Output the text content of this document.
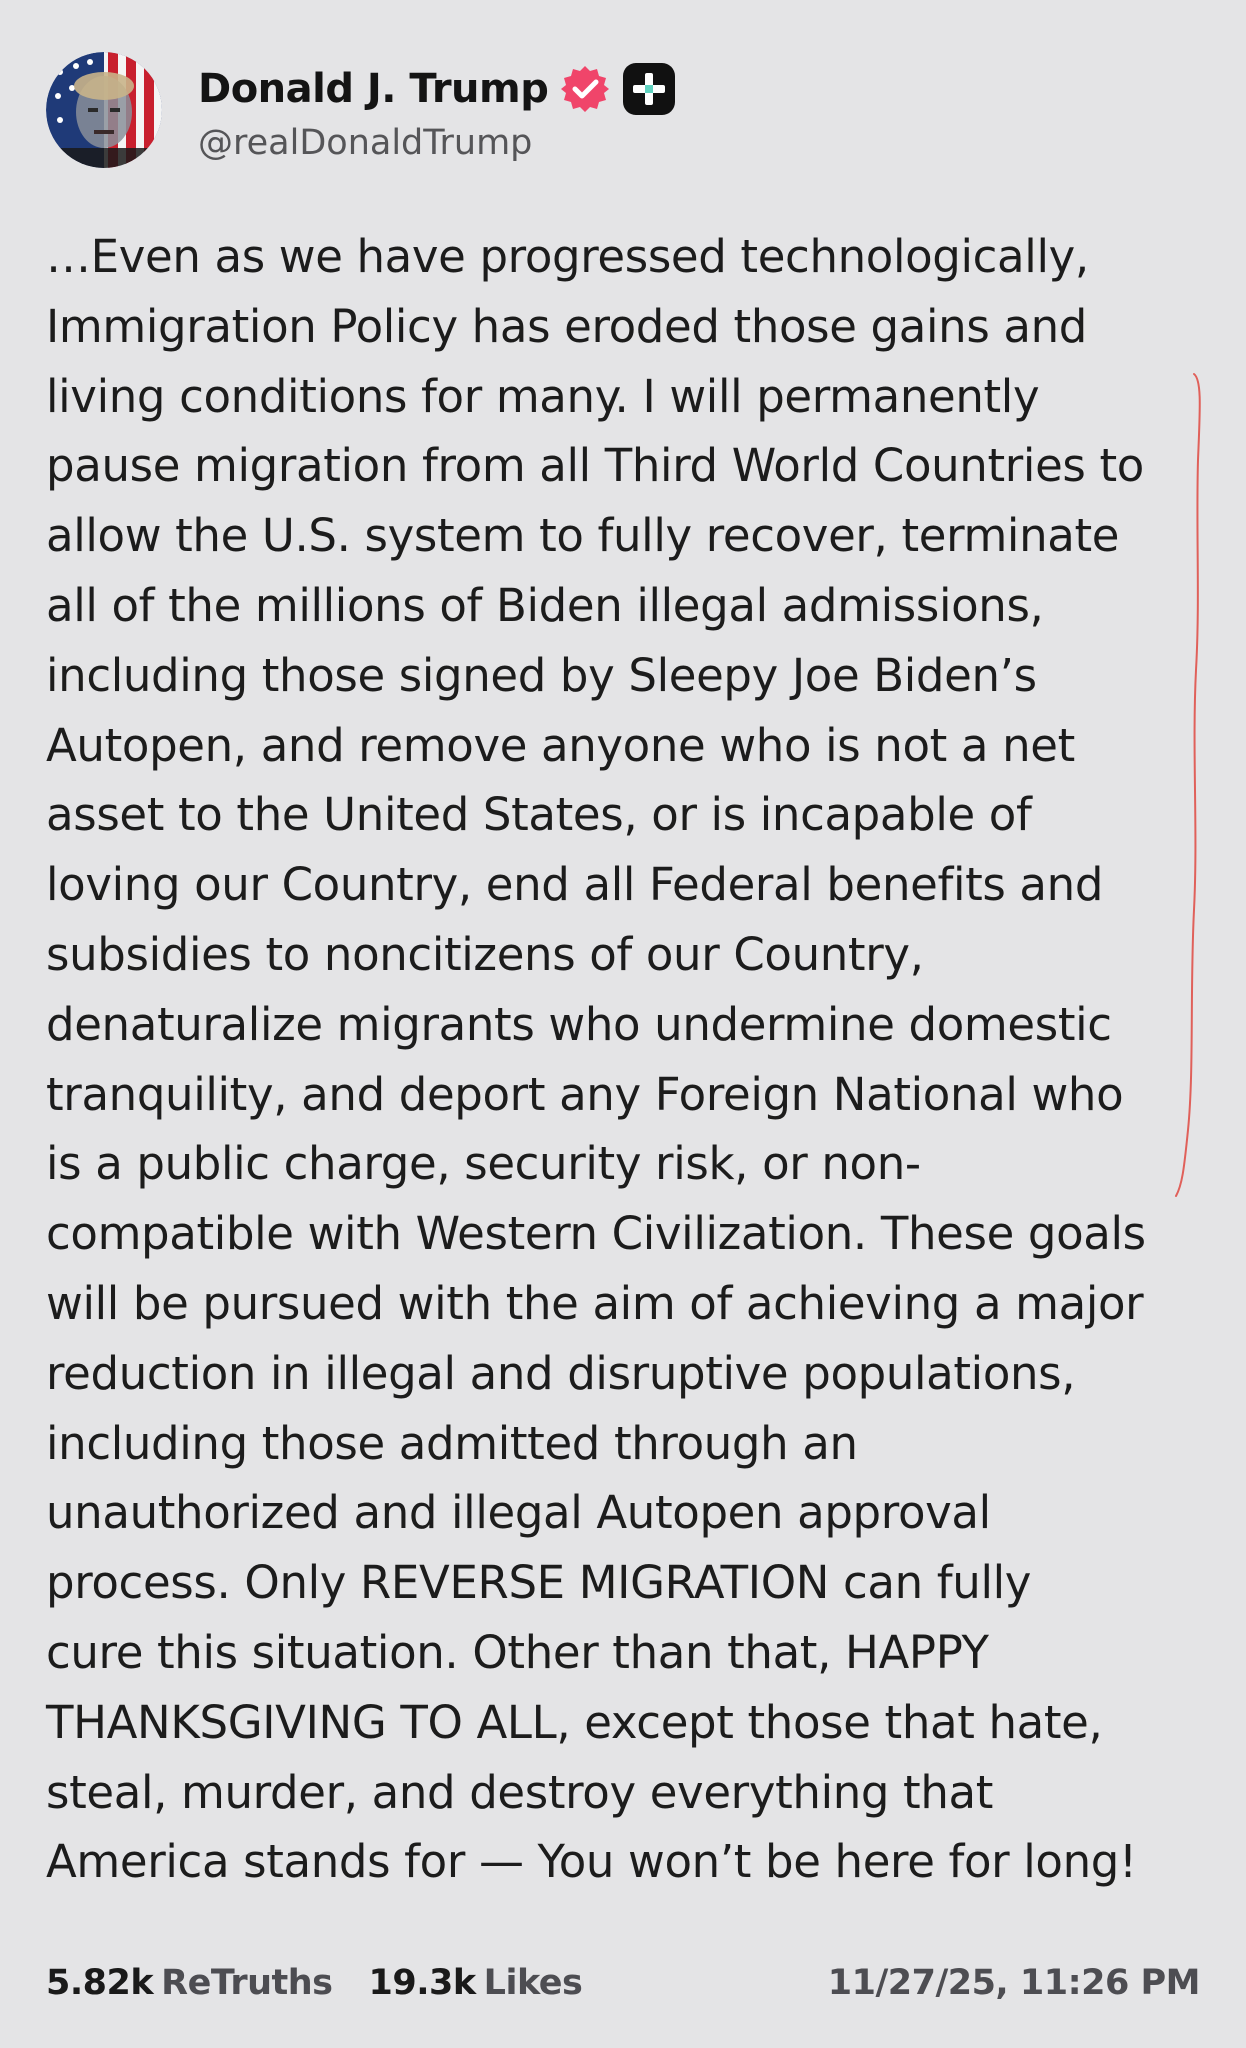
Donald J. Trump
@realDonaldTrump

…Even as we have progressed technologically,
Immigration Policy has eroded those gains and
living conditions for many. I will permanently
pause migration from all Third World Countries to
allow the U.S. system to fully recover, terminate
all of the millions of Biden illegal admissions,
including those signed by Sleepy Joe Biden’s
Autopen, and remove anyone who is not a net
asset to the United States, or is incapable of
loving our Country, end all Federal benefits and
subsidies to noncitizens of our Country,
denaturalize migrants who undermine domestic
tranquility, and deport any Foreign National who
is a public charge, security risk, or non-
compatible with Western Civilization. These goals
will be pursued with the aim of achieving a major
reduction in illegal and disruptive populations,
including those admitted through an
unauthorized and illegal Autopen approval
process. Only REVERSE MIGRATION can fully
cure this situation. Other than that, HAPPY
THANKSGIVING TO ALL, except those that hate,
steal, murder, and destroy everything that
America stands for — You won’t be here for long!

5.82k ReTruths 19.3k Likes	11/27/25, 11:26 PM
